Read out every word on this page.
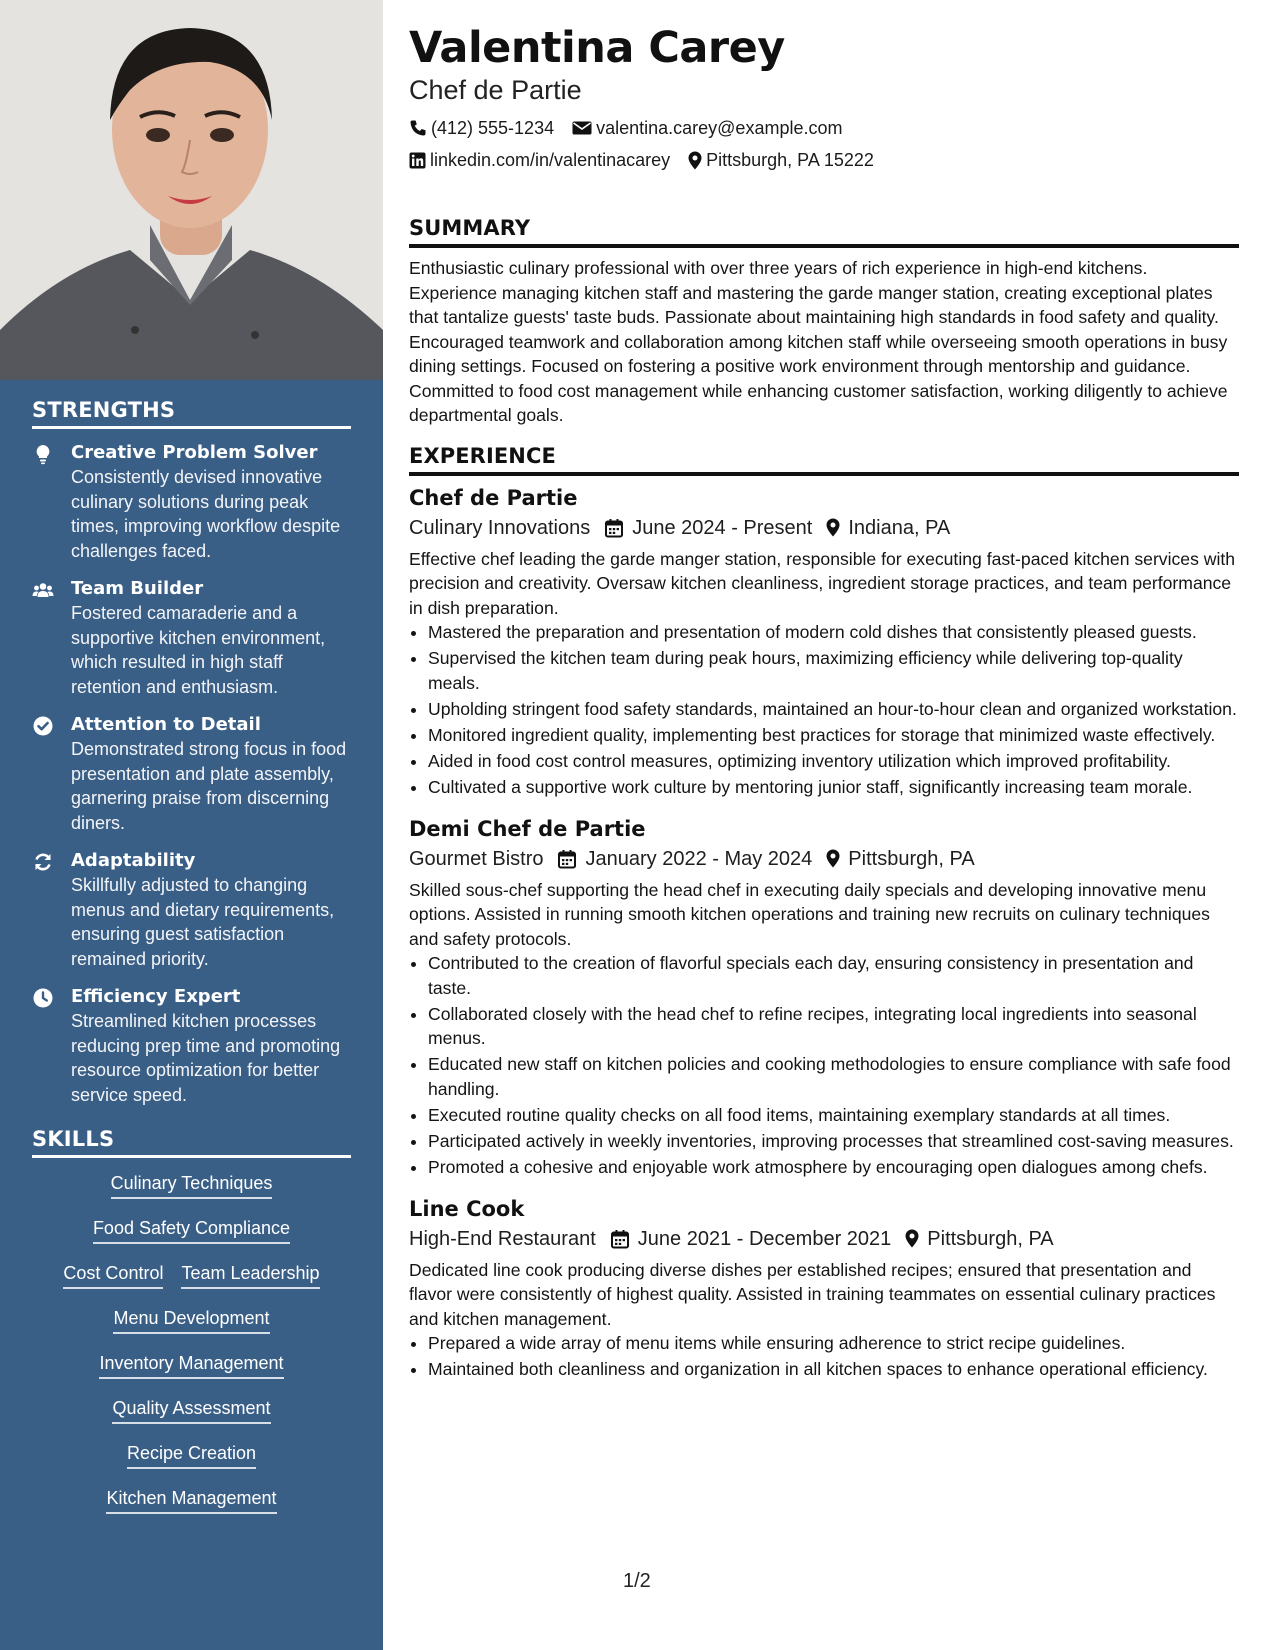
STRENGTHS
Creative Problem Solver
Consistently devised innovative culinary solutions during peak times, improving workflow despite challenges faced.
Team Builder
Fostered camaraderie and a supportive kitchen environment, which resulted in high staff retention and enthusiasm.
Attention to Detail
Demonstrated strong focus in food presentation and plate assembly, garnering praise from discerning diners.
Adaptability
Skillfully adjusted to changing menus and dietary requirements, ensuring guest satisfaction remained priority.
Efficiency Expert
Streamlined kitchen processes reducing prep time and promoting resource optimization for better service speed.
SKILLS
Culinary Techniques
Food Safety Compliance
Cost Control Team Leadership
Menu Development
Inventory Management
Quality Assessment
Recipe Creation
Kitchen Management
Valentina Carey
Chef de Partie
(412) 555-1234 valentina.carey@example.com
linkedin.com/in/valentinacarey Pittsburgh, PA 15222
SUMMARY

Enthusiastic culinary professional with over three years of rich experience in high-end kitchens. Experience managing kitchen staff and mastering the garde manger station, creating exceptional plates that tantalize guests' taste buds. Passionate about maintaining high standards in food safety and quality. Encouraged teamwork and collaboration among kitchen staff while overseeing smooth operations in busy dining settings. Focused on fostering a positive work environment through mentorship and guidance. Committed to food cost management while enhancing customer satisfaction, working diligently to achieve departmental goals.

EXPERIENCE
Chef de Partie
Culinary Innovations June 2024 - Present Indiana, PA

Effective chef leading the garde manger station, responsible for executing fast-paced kitchen services with precision and creativity. Oversaw kitchen cleanliness, ingredient storage practices, and team performance in dish preparation.

• Mastered the preparation and presentation of modern cold dishes that consistently pleased guests.
• Supervised the kitchen team during peak hours, maximizing efficiency while delivering top-quality meals.
• Upholding stringent food safety standards, maintained an hour-to-hour clean and organized workstation.
• Monitored ingredient quality, implementing best practices for storage that minimized waste effectively.
• Aided in food cost control measures, optimizing inventory utilization which improved profitability.
• Cultivated a supportive work culture by mentoring junior staff, significantly increasing team morale.
Demi Chef de Partie
Gourmet Bistro January 2022 - May 2024 Pittsburgh, PA

Skilled sous-chef supporting the head chef in executing daily specials and developing innovative menu options. Assisted in running smooth kitchen operations and training new recruits on culinary techniques and safety protocols.

• Contributed to the creation of flavorful specials each day, ensuring consistency in presentation and taste.
• Collaborated closely with the head chef to refine recipes, integrating local ingredients into seasonal menus.
• Educated new staff on kitchen policies and cooking methodologies to ensure compliance with safe food handling.
• Executed routine quality checks on all food items, maintaining exemplary standards at all times.
• Participated actively in weekly inventories, improving processes that streamlined cost-saving measures.
• Promoted a cohesive and enjoyable work atmosphere by encouraging open dialogues among chefs.
Line Cook
High-End Restaurant June 2021 - December 2021 Pittsburgh, PA

Dedicated line cook producing diverse dishes per established recipes; ensured that presentation and flavor were consistently of highest quality. Assisted in training teammates on essential culinary practices and kitchen management.

• Prepared a wide array of menu items while ensuring adherence to strict recipe guidelines.
• Maintained both cleanliness and organization in all kitchen spaces to enhance operational efficiency.
1/2
